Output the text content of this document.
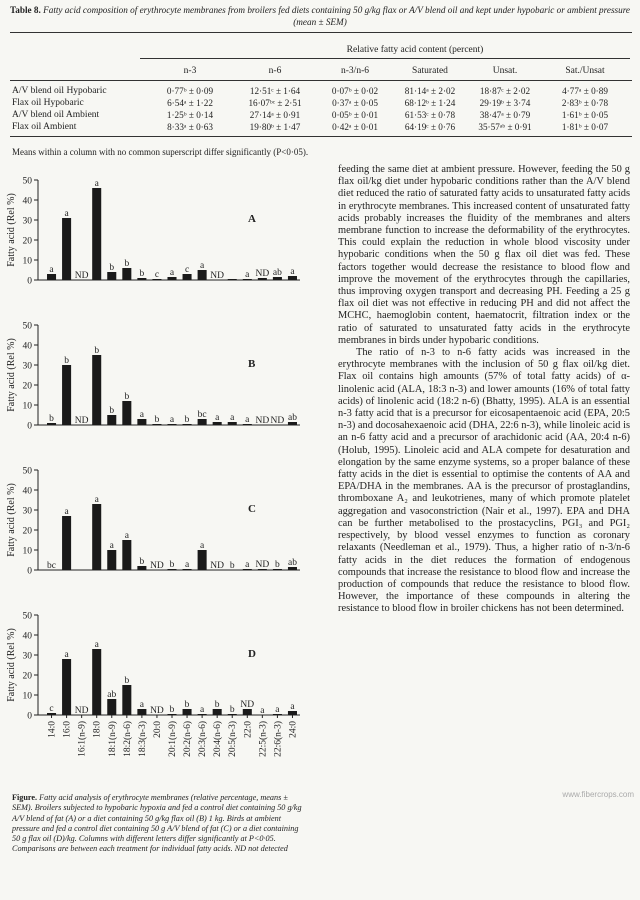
Table 8. Fatty acid composition of erythrocyte membranes from broilers fed diets containing 50 g/kg flax or A/V blend oil and kept under hypobaric or ambient pressure (mean ± SEM)
Relative fatty acid content (percent)
n-3	n-6	n-3/n-6	Saturated	Unsat.	Sat./Unsat
A/V blend oil Hypobaric	0·77ᵇ ± 0·09	12·51ᶜ ± 1·64	0·07ᵇ ± 0·02	81·14ᵃ ± 2·02	18·87ᶜ ± 2·02	4·77ᵃ ± 0·89
Flax oil Hypobaric	6·54ᵃ ± 1·22	16·07ᵇᶜ ± 2·51	0·37ᵃ ± 0·05	68·12ᵇ ± 1·24	29·19ᵇ ± 3·74	2·83ᵇ ± 0·78
A/V blend oil Ambient	1·25ᵇ ± 0·14	27·14ᵃ ± 0·91	0·05ᵇ ± 0·01	61·53ᶜ ± 0·78	38·47ᵃ ± 0·79	1·61ᵇ ± 0·05
Flax oil Ambient	8·33ᵃ ± 0·63	19·80ᵇ ± 1·47	0·42ᵃ ± 0·01	64·19ᶜ ± 0·76	35·57ᵃᵇ ± 0·91	1·81ᵇ ± 0·07
Means within a column with no common superscript differ significantly (P<0·05).
0
10
20
30
40
50
Fatty acid (Rel %)	A
a
a
ND
a
b b
b c a c a
ND a ND ab a
0
10
20
30
40
50
Fatty acid (Rel %)	B
b
b
ND
b
b
b
a b a b bc a a a ND ND ab
0
10
20
30
40
50
Fatty acid (Rel %)	C
bc
a
a
a
a
b ND b a
a
ND b a ND b ab
0
10
20
30
40
50
Fatty acid (Rel %)	D
c
a
ND
a
ab
b
a
ND b b a b b ND
a a a
14:0 16:0 16:1(n-9) 18:0 18:1(n-9) 18:2(n-6) 18:3(n-3) 20:0 20:1(n-9) 20:2(n-6) 20:3(n-6) 20:4(n-6) 20:5(n-3) 22:0 22:5(n-3) 22:6(n-3) 24:0
Figure. Fatty acid analysis of erythrocyte membranes (relative percentage, means ± SEM). Broilers subjected to hypobaric hypoxia and fed a control diet containing 50 g/kg A/V blend of fat (A) or a diet containing 50 g/kg flax oil (B) 1 kg. Birds at ambient pressure and fed a control diet containing 50 g A/V blend of fat (C) or a diet containing 50 g flax oil (D)/kg. Columns with different letters differ significantly at P<0·05. Comparisons are between each treatment for individual fatty acids. ND not detected

feeding the same diet at ambient pressure. However, feeding the 50 g flax oil/kg diet under hypobaric conditions rather than the A/V blend diet reduced the ratio of saturated fatty acids to unsaturated fatty acids in erythrocyte membranes. This increased content of unsaturated fatty acids probably increases the fluidity of the membranes and alters membrane function to increase the deformability of the erythrocytes. This could explain the reduction in whole blood viscosity under hypobaric conditions when the 50 g flax oil diet was fed. These factors together would decrease the resistance to blood flow and improve the movement of the erythrocytes through the capillaries, thus improving oxygen transport and decreasing PH. Feeding a 25 g flax oil diet was not effective in reducing PH and did not affect the MCHC, haemoglobin content, haematocrit, filtration index or the ratio of saturated to unsaturated fatty acids in the erythrocyte membranes in birds under hypobaric conditions.

The ratio of n-3 to n-6 fatty acids was increased in the erythrocyte membranes with the inclusion of 50 g flax oil/kg diet. Flax oil contains high amounts (57% of total fatty acids) of α-linolenic acid (ALA, 18:3 n-3) and lower amounts (16% of total fatty acids) of linolenic acid (18:2 n-6) (Bhatty, 1995). ALA is an essential n-3 fatty acid that is a precursor for eicosapentaenoic acid (EPA, 20:5 n-3) and docosahexaenoic acid (DHA, 22:6 n-3), while linoleic acid is an n-6 fatty acid and a precursor of arachidonic acid (AA, 20:4 n-6) (Holub, 1995). Linoleic acid and ALA compete for desaturation and elongation by the same enzyme systems, so a proper balance of these fatty acids in the diet is essential to optimise the contents of AA and EPA/DHA in the membranes. AA is the precursor of prostaglandins, thromboxane A₂ and leukotrienes, many of which promote platelet aggregation and vasoconstriction (Nair et al., 1997). EPA and DHA can be further metabolised to the prostacyclins, PGI₃ and PGI₂ respectively, by blood vessel enzymes to function as coronary relaxants (Needleman et al., 1979). Thus, a higher ratio of n-3/n-6 fatty acids in the diet reduces the formation of endogenous compounds that increase the resistance to blood flow and increase the production of compounds that reduce the resistance to blood flow. However, the importance of these compounds in altering the resistance to blood flow in broiler chickens has not been determined.

www.fibercrops.com
